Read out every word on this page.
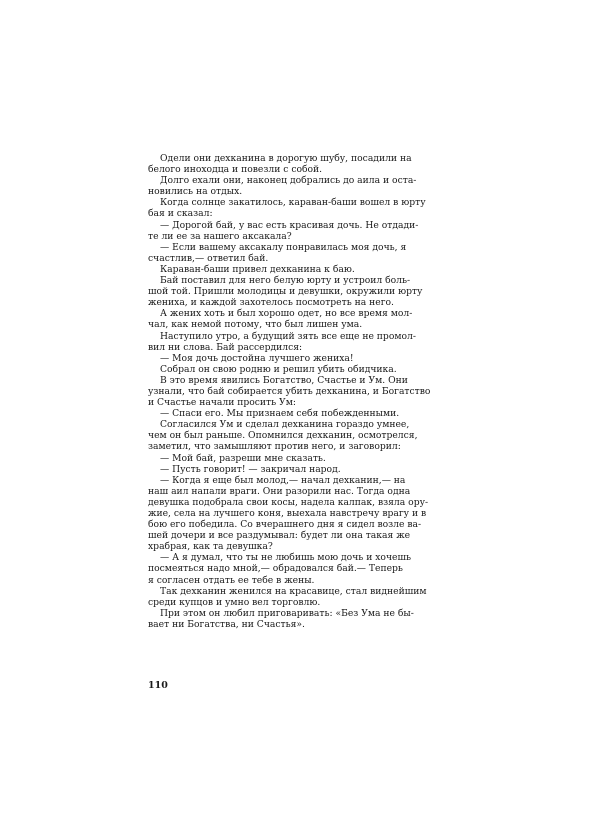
Одели они дехканина в дорогую шубу, посадили на
белого иноходца и повезли с собой.
Долго ехали они, наконец добрались до аила и оста-
новились на отдых.
Когда солнце закатилось, караван-баши вошел в юрту
бая и сказал:
— Дорогой бай, у вас есть красивая дочь. Не отдади-
те ли ее за нашего аксакала?
— Если вашему аксакалу понравилась моя дочь, я
счастлив,— ответил бай.
Караван-баши привел дехканина к баю.
Бай поставил для него белую юрту и устроил боль-
шой той. Пришли молодицы и девушки, окружили юрту
жениха, и каждой захотелось посмотреть на него.
А жених хоть и был хорошо одет, но все время мол-
чал, как немой потому, что был лишен ума.
Наступило утро, а будущий зять все еще не промол-
вил ни слова. Бай рассердился:
— Моя дочь достойна лучшего жениха!
Собрал он свою родню и решил убить обидчика.
В это время явились Богатство, Счастье и Ум. Они
узнали, что бай собирается убить дехканина, и Богатство
и Счастье начали просить Ум:
— Спаси его. Мы признаем себя побежденными.
Согласился Ум и сделал дехканина гораздо умнее,
чем он был раньше. Опомнился дехканин, осмотрелся,
заметил, что замышляют против него, и заговорил:
— Мой бай, разреши мне сказать.
— Пусть говорит! — закричал народ.
— Когда я еще был молод,— начал дехканин,— на
наш аил напали враги. Они разорили нас. Тогда одна
девушка подобрала свои косы, надела калпак, взяла ору-
жие, села на лучшего коня, выехала навстречу врагу и в
бою его победила. Со вчерашнего дня я сидел возле ва-
шей дочери и все раздумывал: будет ли она такая же
храбрая, как та девушка?
— А я думал, что ты не любишь мою дочь и хочешь
посмеяться надо мной,— обрадовался бай.— Теперь
я согласен отдать ее тебе в жены.
Так дехканин женился на красавице, стал виднейшим
среди купцов и умно вел торговлю.
При этом он любил приговаривать: «Без Ума не бы-
вает ни Богатства, ни Счастья».
110
